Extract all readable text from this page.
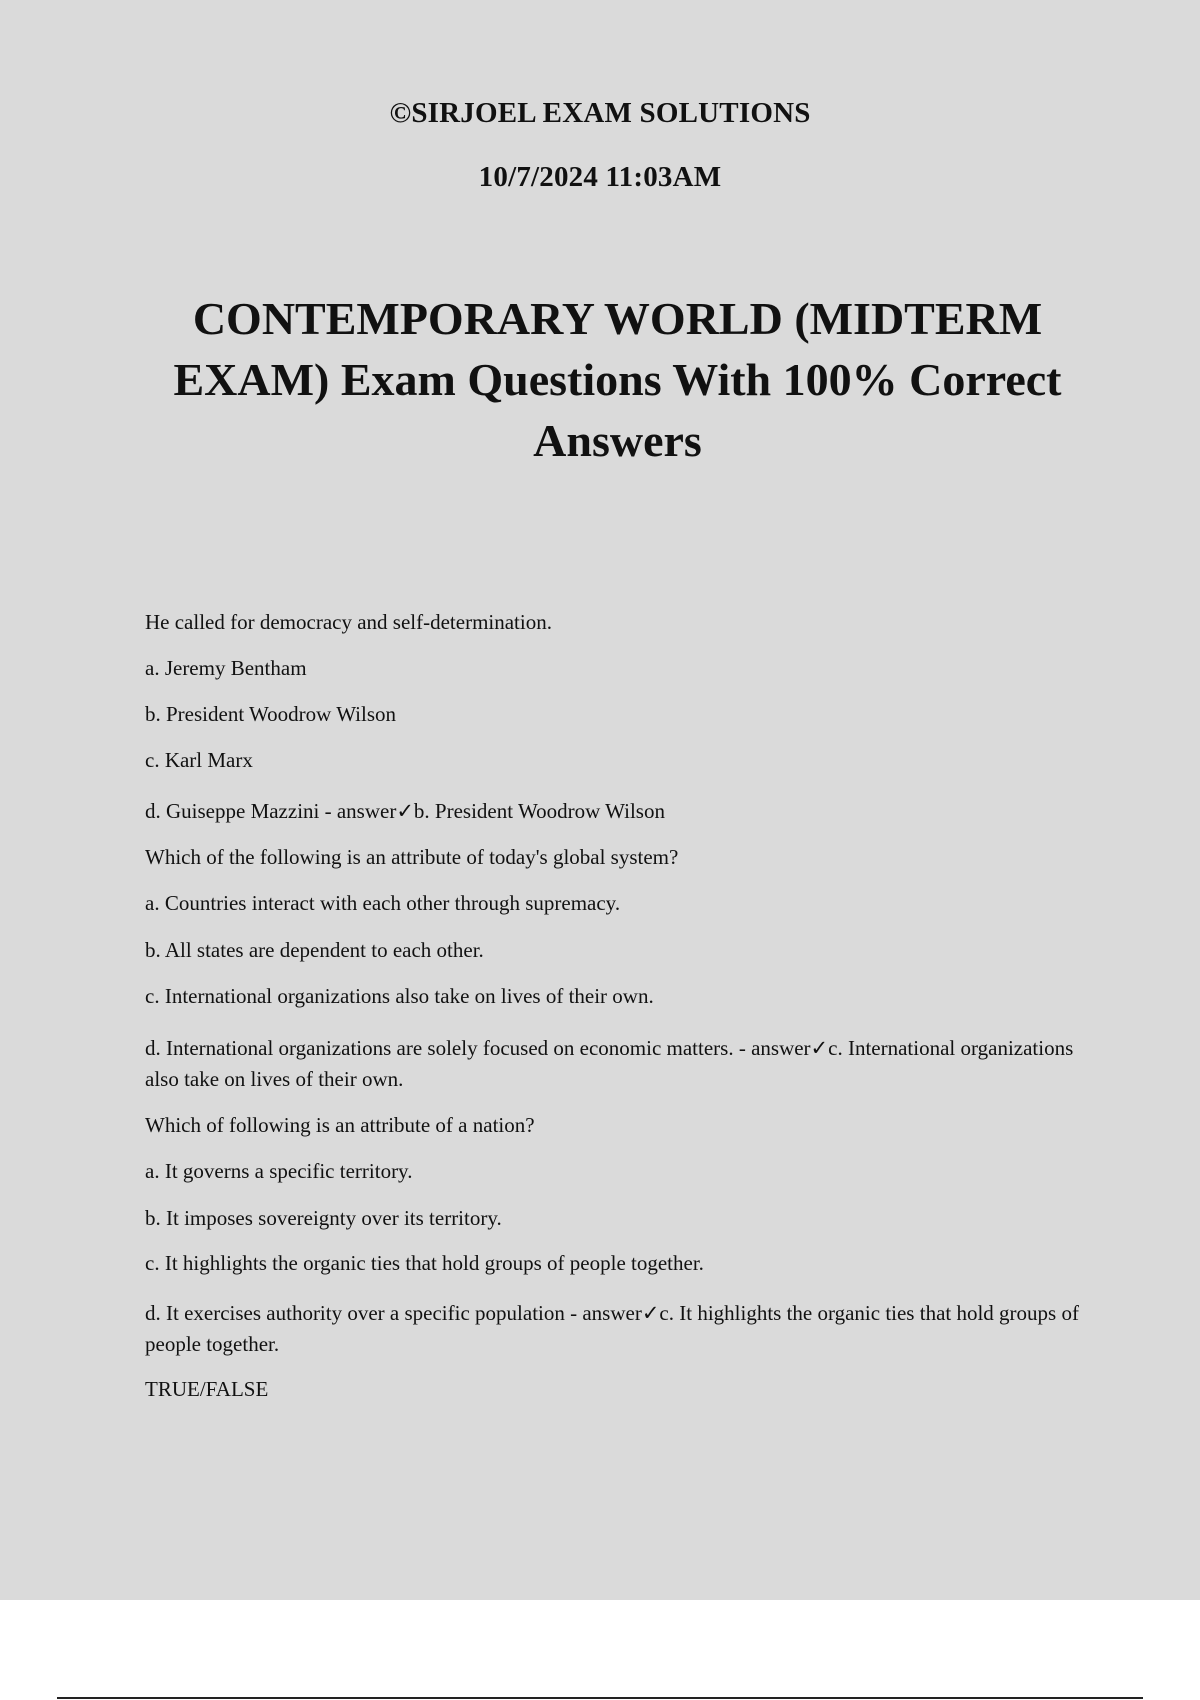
©SIRJOEL EXAM SOLUTIONS
10/7/2024 11:03AM
CONTEMPORARY WORLD (MIDTERM EXAM) Exam Questions With 100% Correct Answers
He called for democracy and self-determination.
a. Jeremy Bentham
b. President Woodrow Wilson
c. Karl Marx
d. Guiseppe Mazzini - answer✓b. President Woodrow Wilson
Which of the following is an attribute of today's global system?
a. Countries interact with each other through supremacy.
b. All states are dependent to each other.
c. International organizations also take on lives of their own.
d. International organizations are solely focused on economic matters. - answer✓c. International organizations also take on lives of their own.
Which of following is an attribute of a nation?
a. It governs a specific territory.
b. It imposes sovereignty over its territory.
c. It highlights the organic ties that hold groups of people together.
d. It exercises authority over a specific population - answer✓c. It highlights the organic ties that hold groups of people together.
TRUE/FALSE
